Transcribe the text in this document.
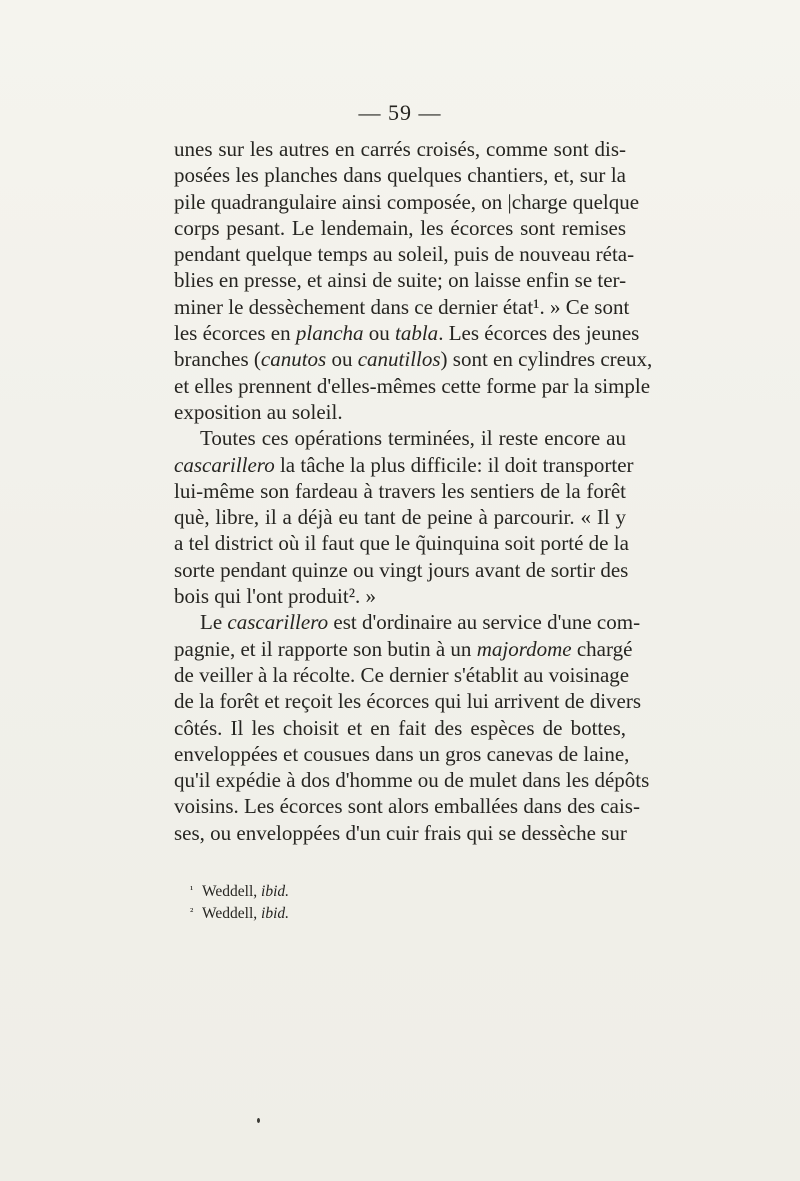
— 59 —

unes sur les autres en carrés croisés, comme sont dis-
posées les planches dans quelques chantiers, et, sur la
pile quadrangulaire ainsi composée, on |charge quelque
corps pesant. Le lendemain, les écorces sont remises
pendant quelque temps au soleil, puis de nouveau réta-
blies en presse, et ainsi de suite; on laisse enfin se ter-
miner le dessèchement dans ce dernier état¹. » Ce sont
les écorces en plancha ou tabla. Les écorces des jeunes
branches (canutos ou canutillos) sont en cylindres creux,
et elles prennent d'elles-mêmes cette forme par la simple
exposition au soleil.
Toutes ces opérations terminées, il reste encore au
cascarillero la tâche la plus difficile: il doit transporter
lui-même son fardeau à travers les sentiers de la forêt
què, libre, il a déjà eu tant de peine à parcourir. « Il y
a tel district où il faut que le q̃uinquina soit porté de la
sorte pendant quinze ou vingt jours avant de sortir des
bois qui l'ont produit². »
Le cascarillero est d'ordinaire au service d'une com-
pagnie, et il rapporte son butin à un majordome chargé
de veiller à la récolte. Ce dernier s'établit au voisinage
de la forêt et reçoit les écorces qui lui arrivent de divers
côtés. Il les choisit et en fait des espèces de bottes,
enveloppées et cousues dans un gros canevas de laine,
qu'il expédie à dos d'homme ou de mulet dans les dépôts
voisins. Les écorces sont alors emballées dans des cais-
ses, ou enveloppées d'un cuir frais qui se dessèche sur
¹ Weddell, ibid.
² Weddell, ibid.
